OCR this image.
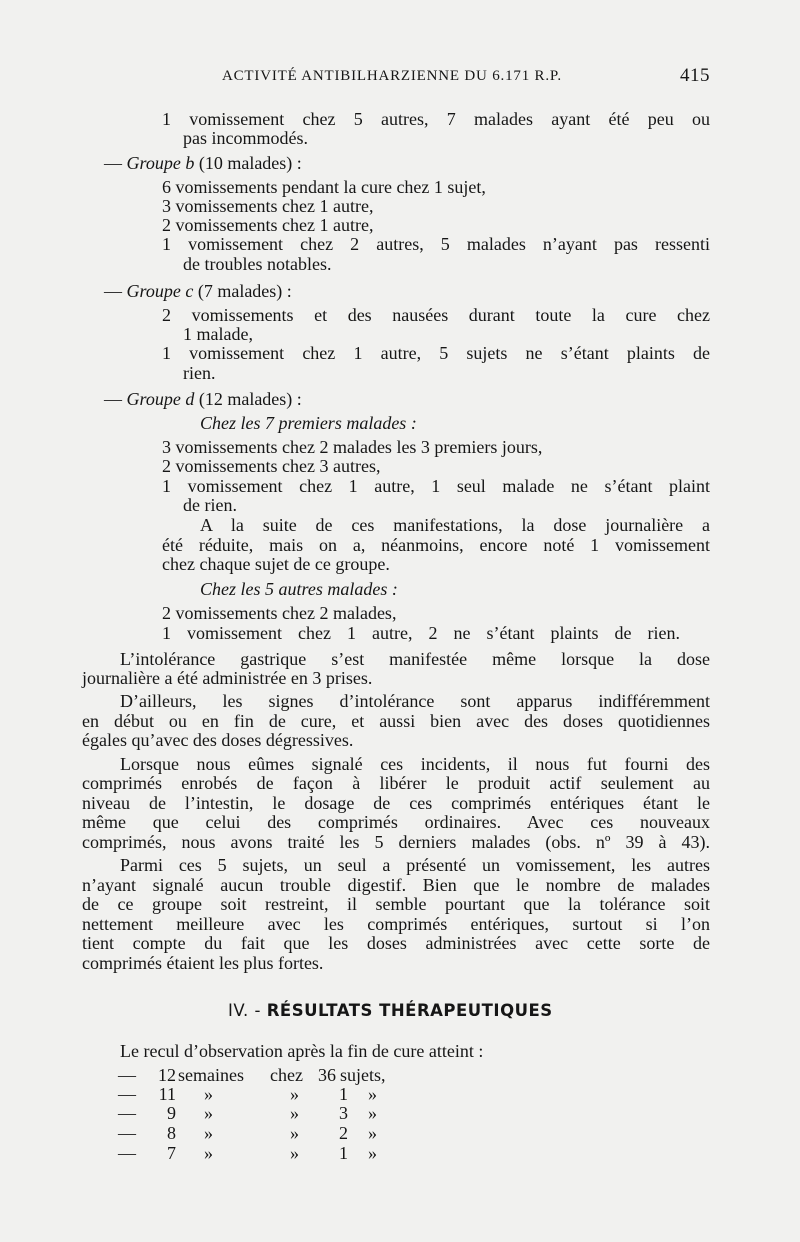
ACTIVITÉ ANTIBILHARZIENNE DU 6.171 R.P.	415

1 vomissement chez 5 autres, 7 malades ayant été peu ou

pas incommodés.

— Groupe b (10 malades) :

6 vomissements pendant la cure chez 1 sujet,

3 vomissements chez 1 autre,

2 vomissements chez 1 autre,

1 vomissement chez 2 autres, 5 malades n’ayant pas ressenti

de troubles notables.

— Groupe c (7 malades) :

2 vomissements et des nausées durant toute la cure chez

1 malade,

1 vomissement chez 1 autre, 5 sujets ne s’étant plaints de

rien.

— Groupe d (12 malades) :

Chez les 7 premiers malades :

3 vomissements chez 2 malades les 3 premiers jours,

2 vomissements chez 3 autres,

1 vomissement chez 1 autre, 1 seul malade ne s’étant plaint

de rien.

A la suite de ces manifestations, la dose journalière a

été réduite, mais on a, néanmoins, encore noté 1 vomissement

chez chaque sujet de ce groupe.

Chez les 5 autres malades :

2 vomissements chez 2 malades,

1 vomissement chez 1 autre, 2 ne s’étant plaints de rien.

L’intolérance gastrique s’est manifestée même lorsque la dose

journalière a été administrée en 3 prises.

D’ailleurs, les signes d’intolérance sont apparus indifféremment

en début ou en fin de cure, et aussi bien avec des doses quotidiennes

égales qu’avec des doses dégressives.

Lorsque nous eûmes signalé ces incidents, il nous fut fourni des

comprimés enrobés de façon à libérer le produit actif seulement au

niveau de l’intestin, le dosage de ces comprimés entériques étant le

même que celui des comprimés ordinaires. Avec ces nouveaux

comprimés, nous avons traité les 5 derniers malades (obs. nº 39 à 43).

Parmi ces 5 sujets, un seul a présenté un vomissement, les autres

n’ayant signalé aucun trouble digestif. Bien que le nombre de malades

de ce groupe soit restreint, il semble pourtant que la tolérance soit

nettement meilleure avec les comprimés entériques, surtout si l’on

tient compte du fait que les doses administrées avec cette sorte de

comprimés étaient les plus fortes.

IV. - RÉSULTATS THÉRAPEUTIQUES

Le recul d’observation après la fin de cure atteint :

—	12 semaines chez 36 sujets,
—	11 »	»	1 »
—	9 »	»	3 »
—	8 »	»	2 »
—	7 »	»	1 »
